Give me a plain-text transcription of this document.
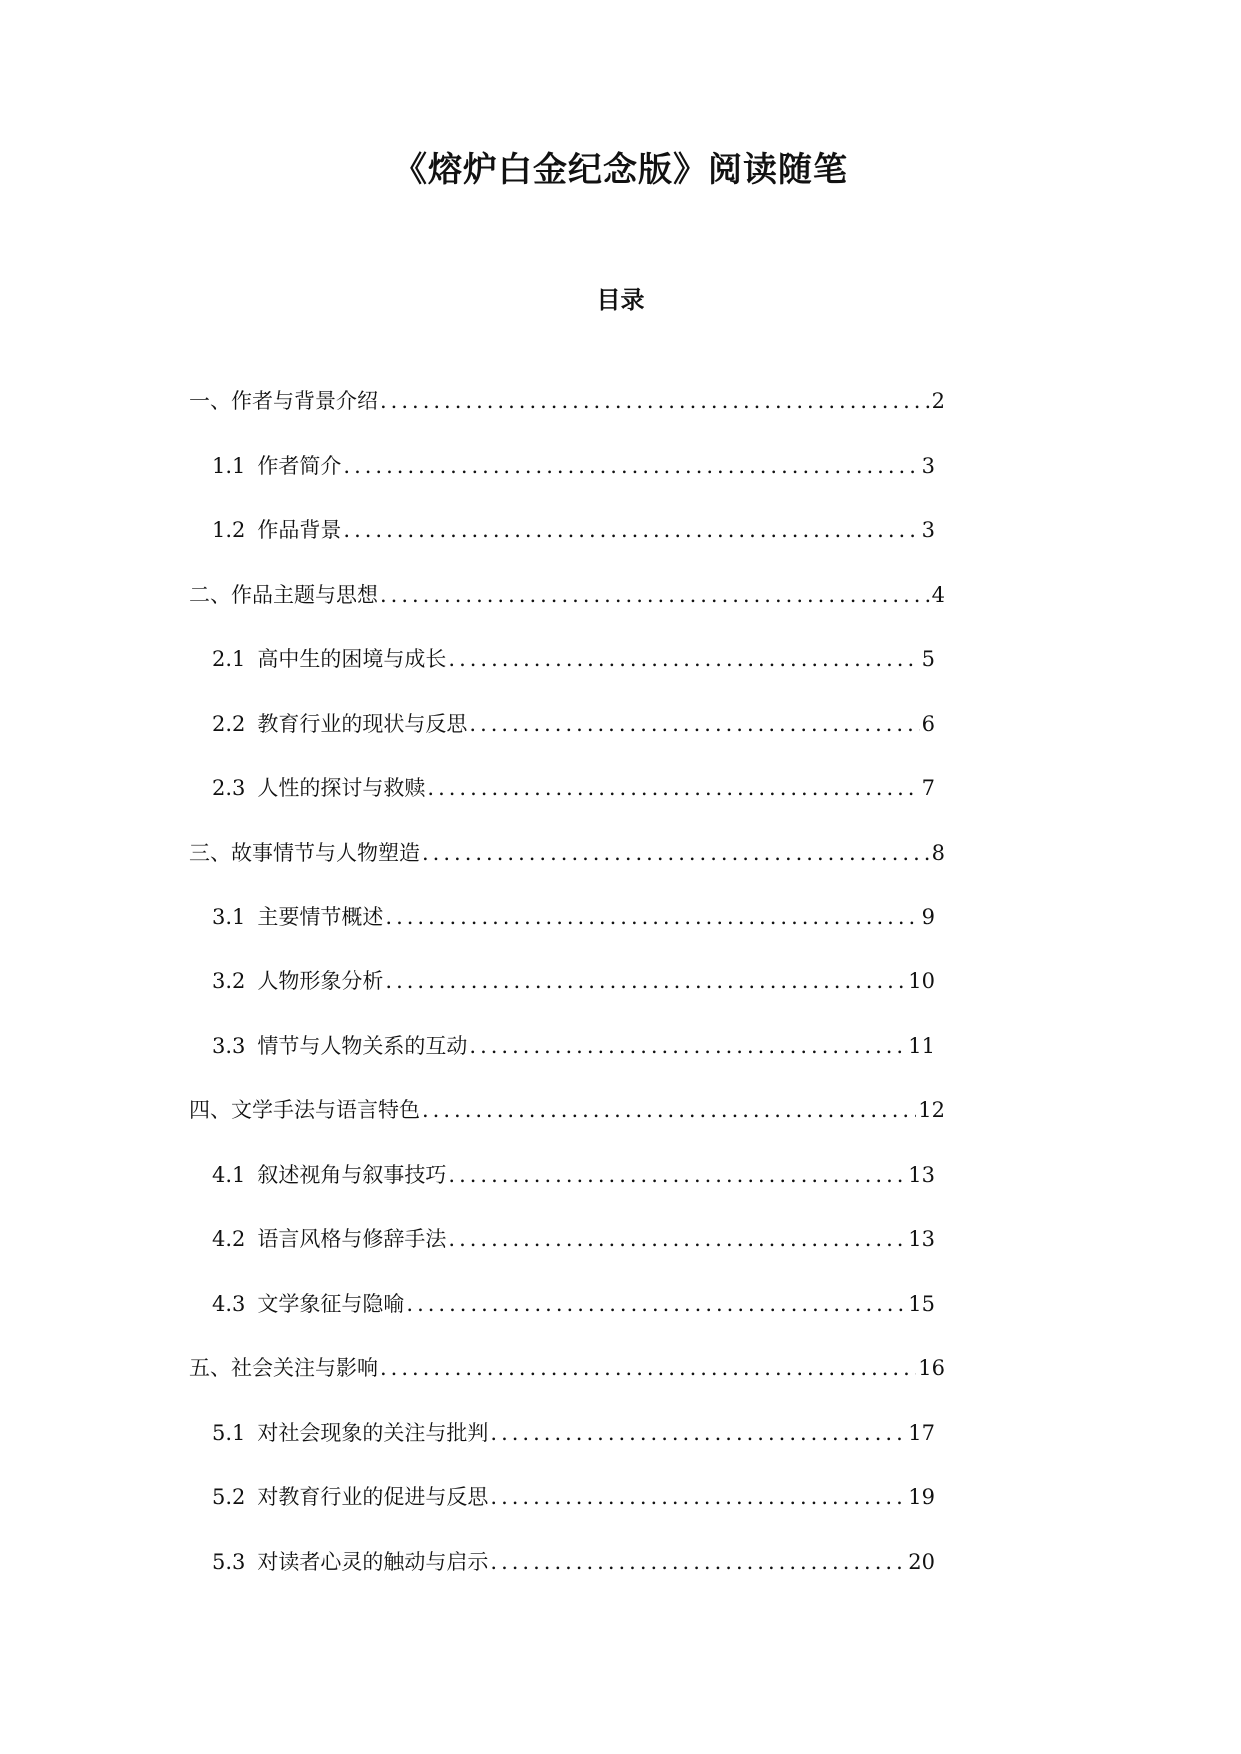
《熔炉白金纪念版》阅读随笔
目录
一、作者与背景介绍 .....	2
1.1 作者简介 .....	3
1.2 作品背景 .....	3
二、作品主题与思想 .....	4
2.1 高中生的困境与成长 .....	5
2.2 教育行业的现状与反思 .....	6
2.3 人性的探讨与救赎 .....	7
三、故事情节与人物塑造 .....	8
3.1 主要情节概述 .....	9
3.2 人物形象分析 .....	10
3.3 情节与人物关系的互动 .....	11
四、文学手法与语言特色 .....	12
4.1 叙述视角与叙事技巧 .....	13
4.2 语言风格与修辞手法 .....	13
4.3 文学象征与隐喻 .....	15
五、社会关注与影响 .....	16
5.1 对社会现象的关注与批判 .....	17
5.2 对教育行业的促进与反思 .....	19
5.3 对读者心灵的触动与启示 .....	20
